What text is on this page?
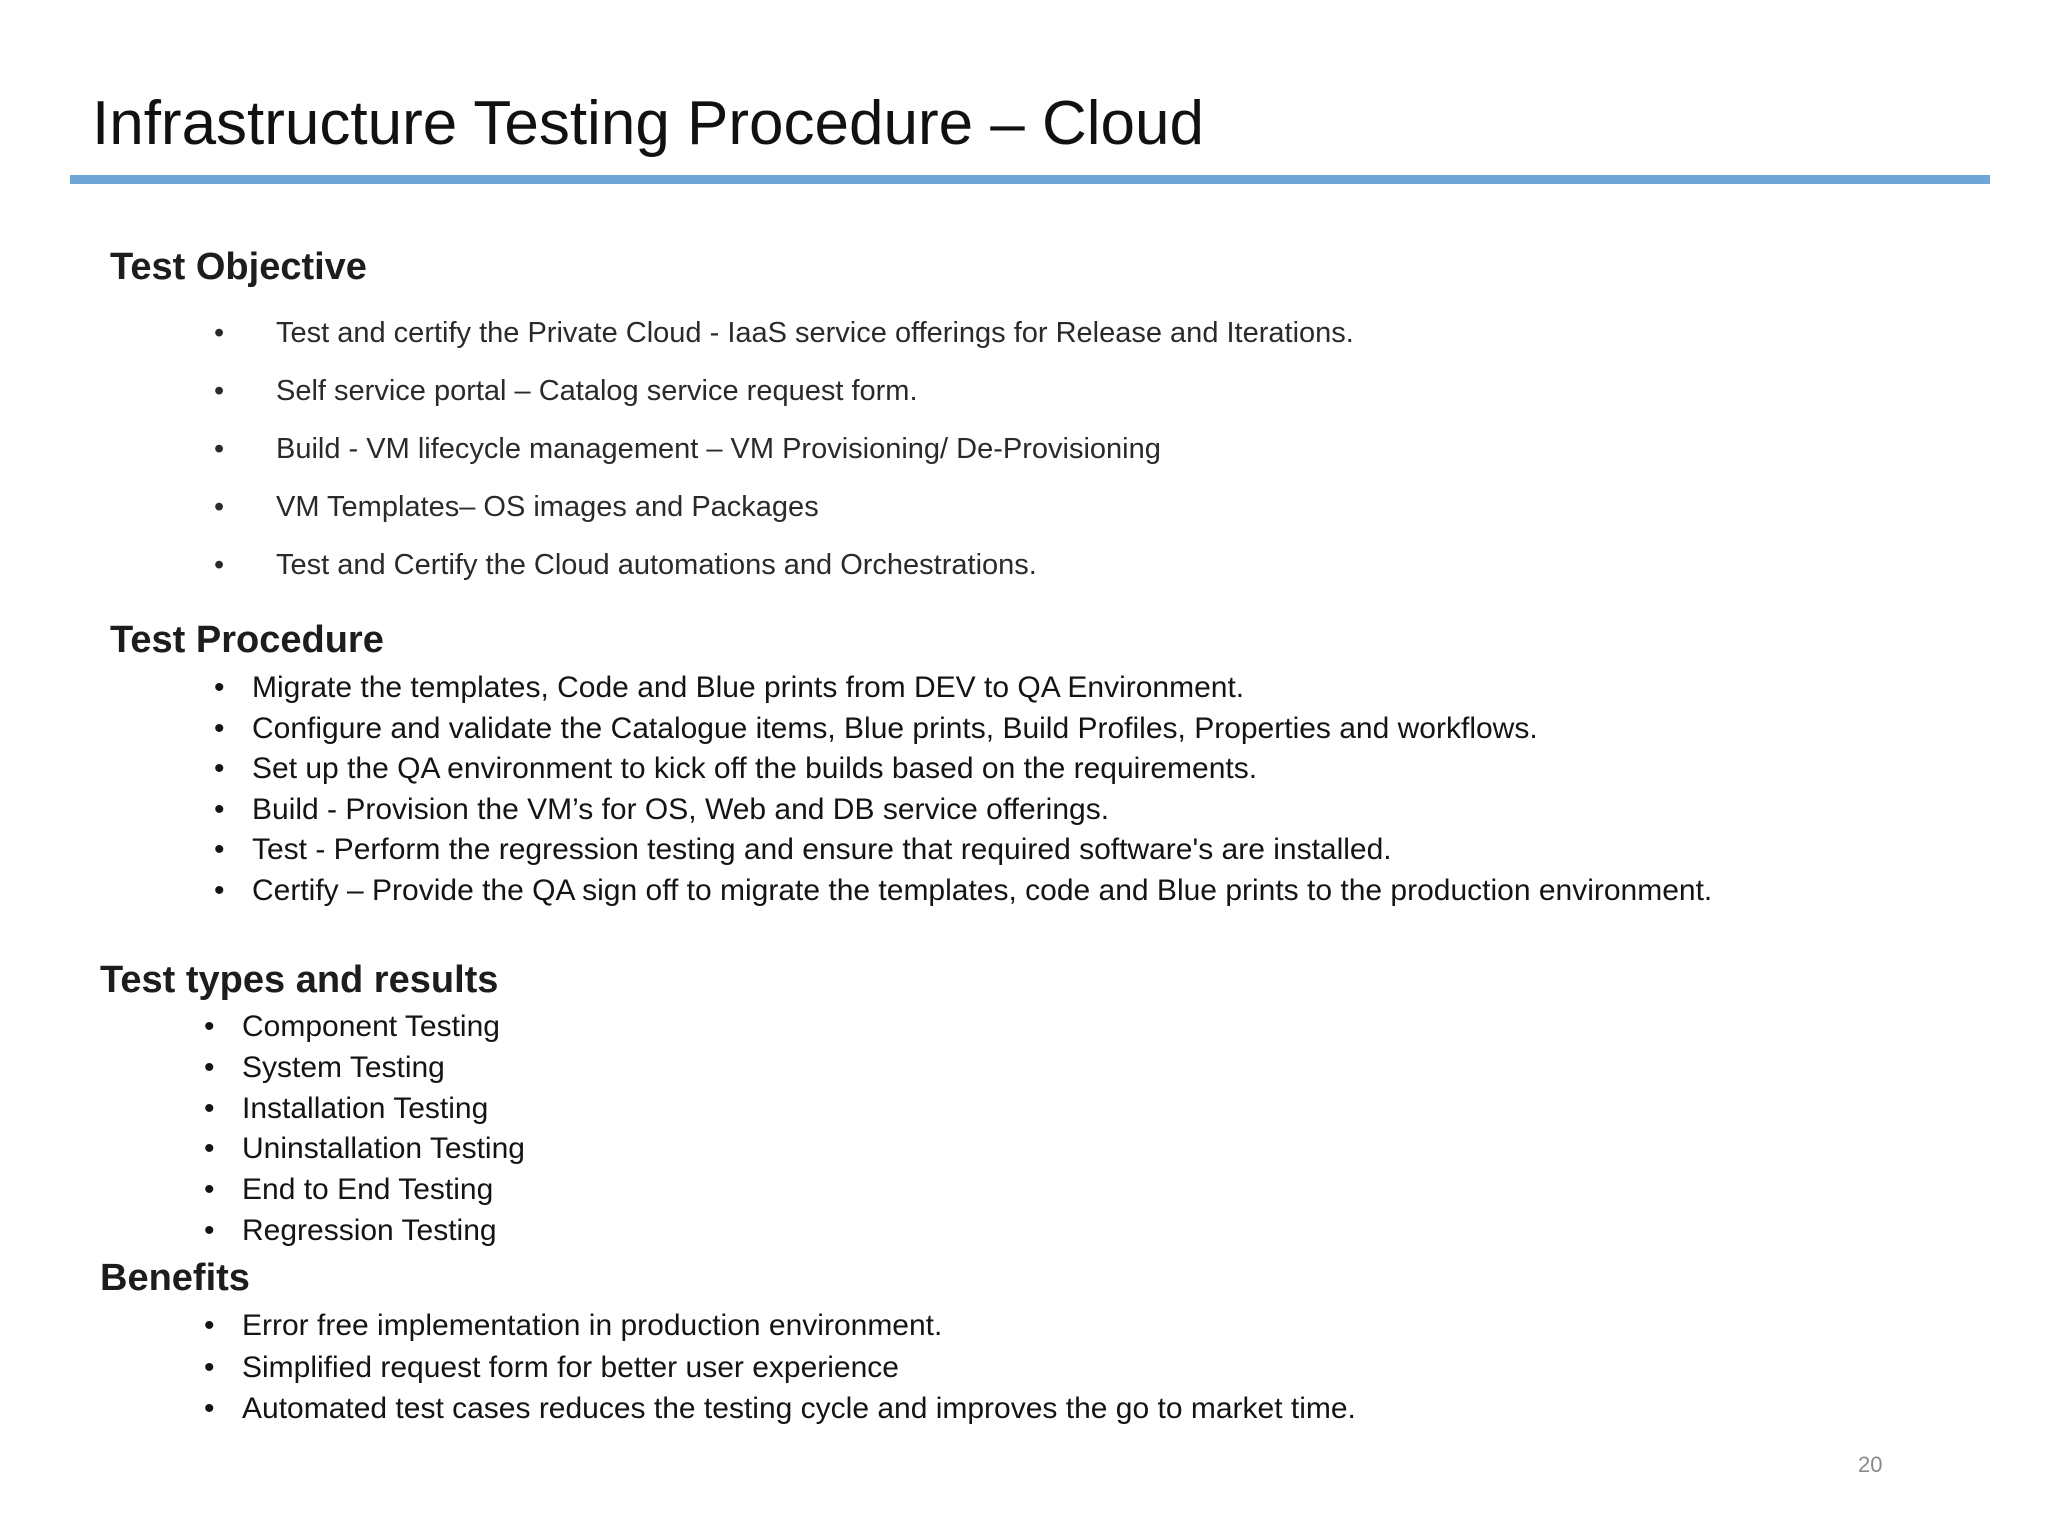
Infrastructure Testing Procedure – Cloud
Test Objective
• Test and certify the Private Cloud - IaaS service offerings for Release and Iterations.
• Self service portal – Catalog service request form.
• Build - VM lifecycle management – VM Provisioning/ De-Provisioning
• VM Templates– OS images and Packages
• Test and Certify the Cloud automations and Orchestrations.
Test Procedure
• Migrate the templates, Code and Blue prints from DEV to QA Environment.
• Configure and validate the Catalogue items, Blue prints, Build Profiles, Properties and workflows.
• Set up the QA environment to kick off the builds based on the requirements.
• Build - Provision the VM’s for OS, Web and DB service offerings.
• Test - Perform the regression testing and ensure that required software's are installed.
• Certify – Provide the QA sign off to migrate the templates, code and Blue prints to the production environment.
Test types and results
• Component Testing
• System Testing
• Installation Testing
• Uninstallation Testing
• End to End Testing
• Regression Testing
Benefits
• Error free implementation in production environment.
• Simplified request form for better user experience
• Automated test cases reduces the testing cycle and improves the go to market time.
20
